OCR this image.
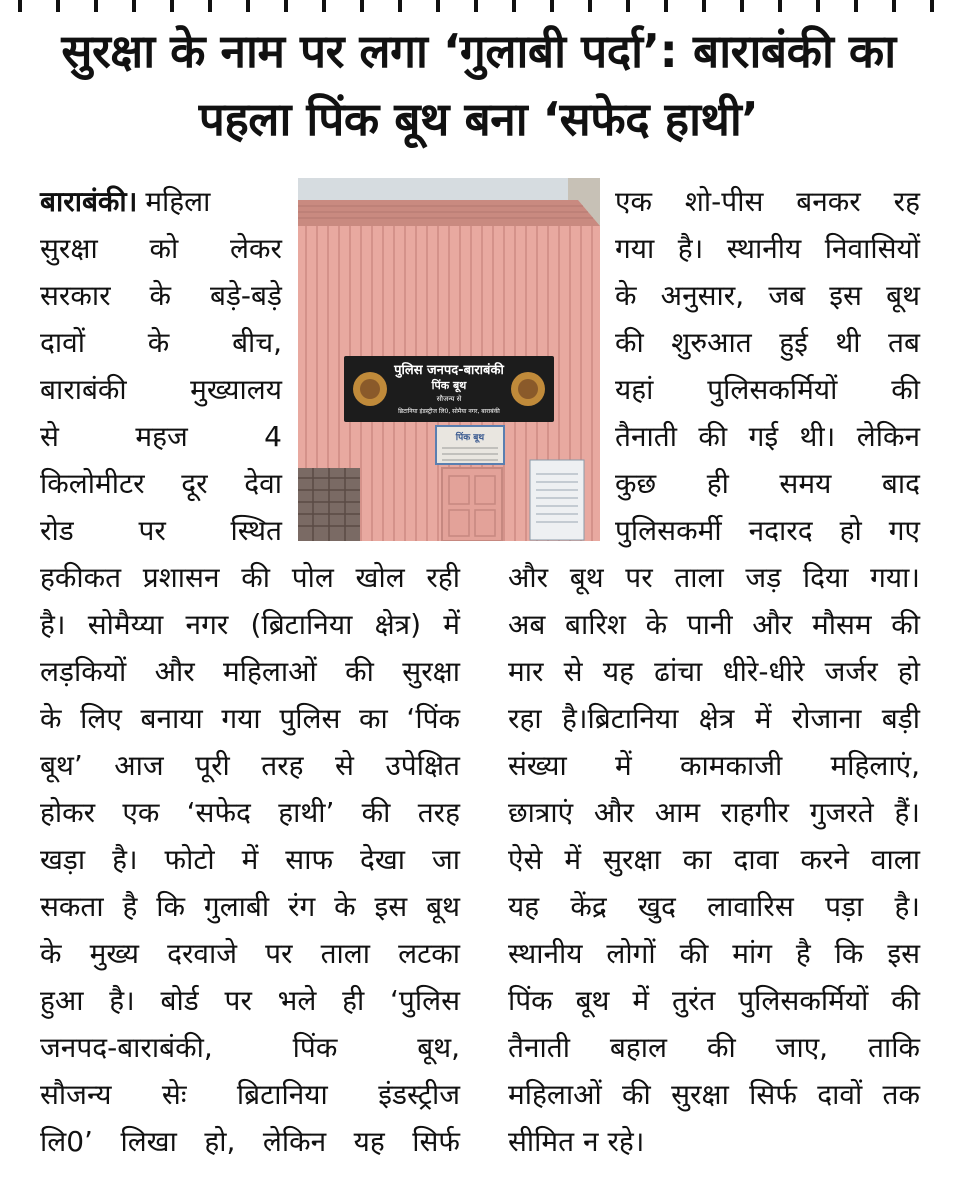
सुरक्षा के नाम पर लगा ‘गुलाबी पर्दा’: बाराबंकी का
पहला पिंक बूथ बना ‘सफेद हाथी’
पुलिस जनपद-बाराबंकी
पिंक बूथ
सौजन्य से
ब्रिटानिया इंडस्ट्रीज लि0, सोमैया नगर, बाराबंकी
पिंक बूथ
बाराबंकी। महिला
सुरक्षा को लेकर
सरकार के बड़े-बड़े
दावों के बीच,
बाराबंकी मुख्यालय
से महज 4
किलोमीटर दूर देवा
रोड पर स्थित
हकीकत प्रशासन की पोल खोल रही
है। सोमैय्या नगर (ब्रिटानिया क्षेत्र) में
लड़कियों और महिलाओं की सुरक्षा
के लिए बनाया गया पुलिस का ‘पिंक
बूथ’ आज पूरी तरह से उपेक्षित
होकर एक ‘सफेद हाथी’ की तरह
खड़ा है। फोटो में साफ देखा जा
सकता है कि गुलाबी रंग के इस बूथ
के मुख्य दरवाजे पर ताला लटका
हुआ है। बोर्ड पर भले ही ‘पुलिस
जनपद-बाराबंकी, पिंक बूथ,
सौजन्य सेः ब्रिटानिया इंडस्ट्रीज
लि0’ लिखा हो, लेकिन यह सिर्फ
एक शो-पीस बनकर रह
गया है। स्थानीय निवासियों
के अनुसार, जब इस बूथ
की शुरुआत हुई थी तब
यहां पुलिसकर्मियों की
तैनाती की गई थी। लेकिन
कुछ ही समय बाद
पुलिसकर्मी नदारद हो गए
और बूथ पर ताला जड़ दिया गया।
अब बारिश के पानी और मौसम की
मार से यह ढांचा धीरे-धीरे जर्जर हो
रहा है।ब्रिटानिया क्षेत्र में रोजाना बड़ी
संख्या में कामकाजी महिलाएं,
छात्राएं और आम राहगीर गुजरते हैं।
ऐसे में सुरक्षा का दावा करने वाला
यह केंद्र खुद लावारिस पड़ा है।
स्थानीय लोगों की मांग है कि इस
पिंक बूथ में तुरंत पुलिसकर्मियों की
तैनाती बहाल की जाए, ताकि
महिलाओं की सुरक्षा सिर्फ दावों तक
सीमित न रहे।
